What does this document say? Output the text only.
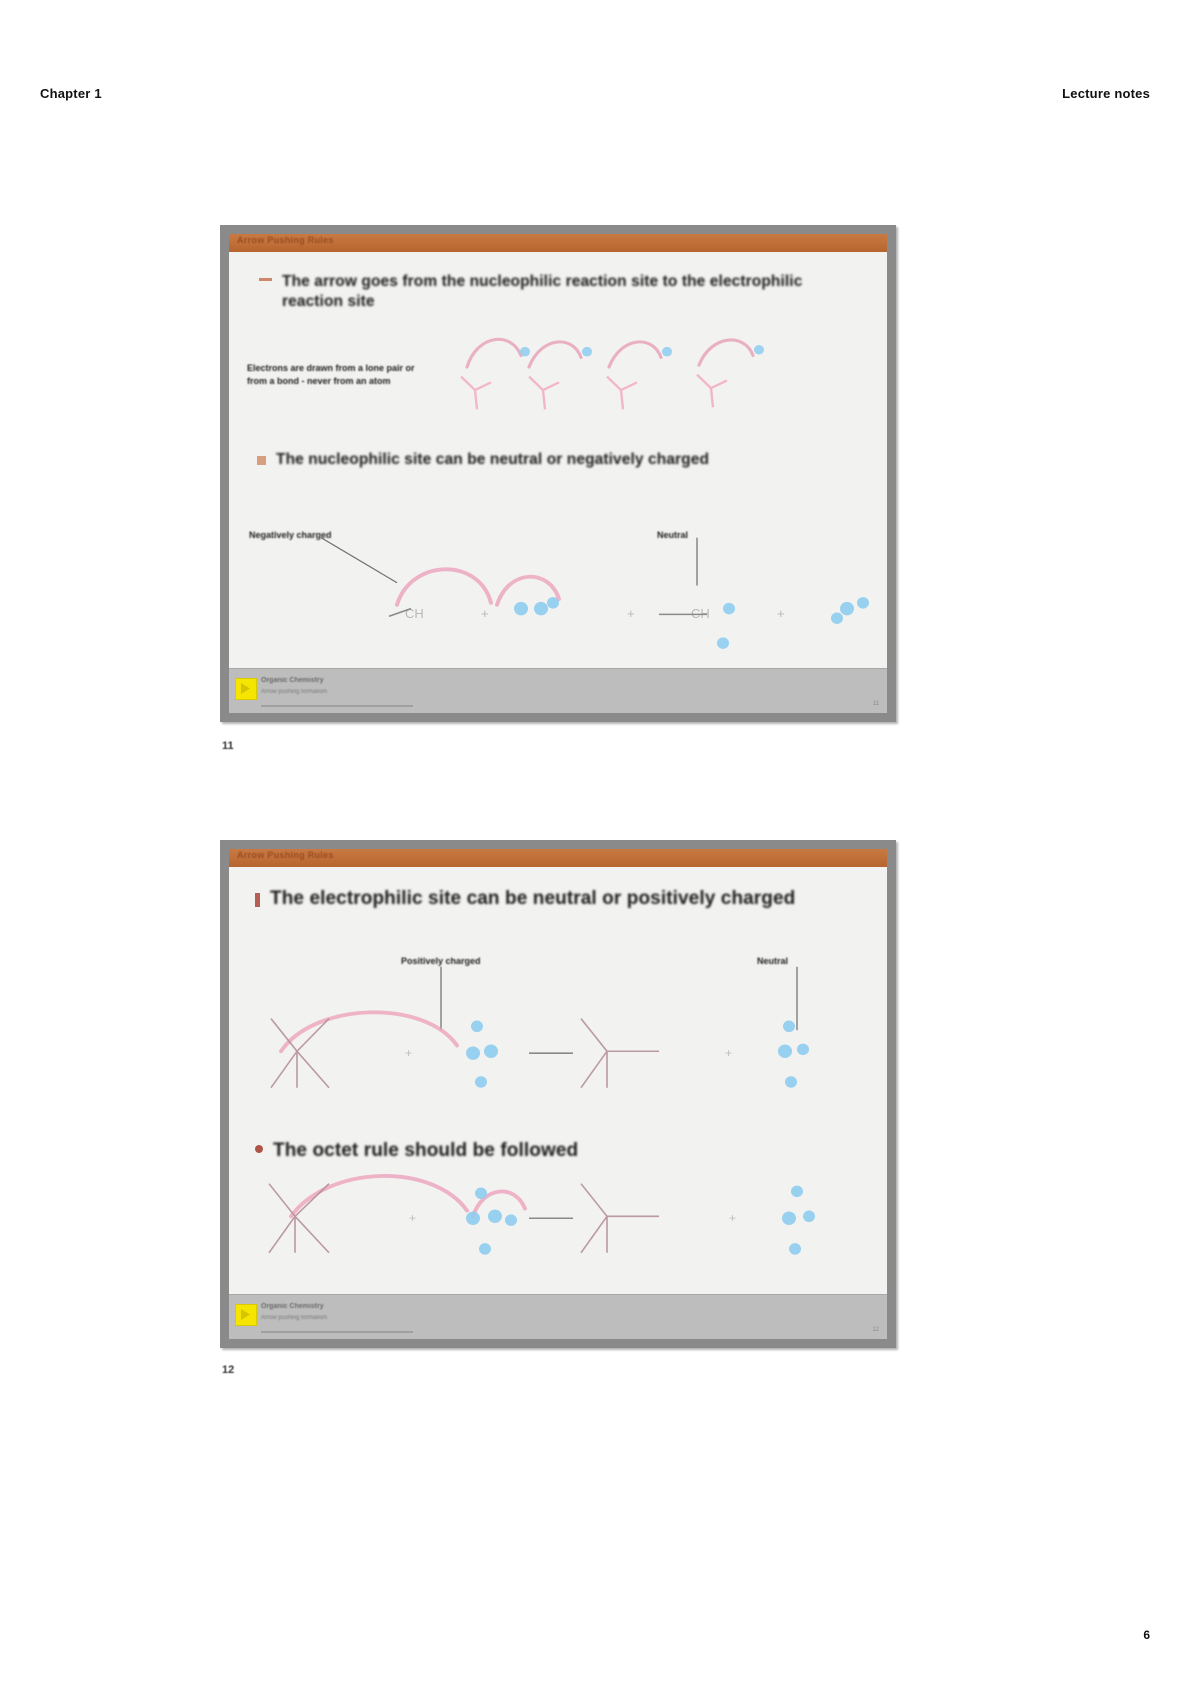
Chapter 1	Lecture notes
Arrow Pushing Rules
The arrow goes from the nucleophilic reaction site to the electrophilic reaction site
Electrons are drawn from a lone pair or from a bond - never from an atom
The nucleophilic site can be neutral or negatively charged
Negatively charged	Neutral
CH	+
+	+
CH
Organic Chemistry
Arrow pushing formalism
11
11
Arrow Pushing Rules
The electrophilic site can be neutral or positively charged
Positively charged	Neutral
The octet rule should be followed
+	+
+	+
Organic Chemistry
Arrow pushing formalism
12
12
6
